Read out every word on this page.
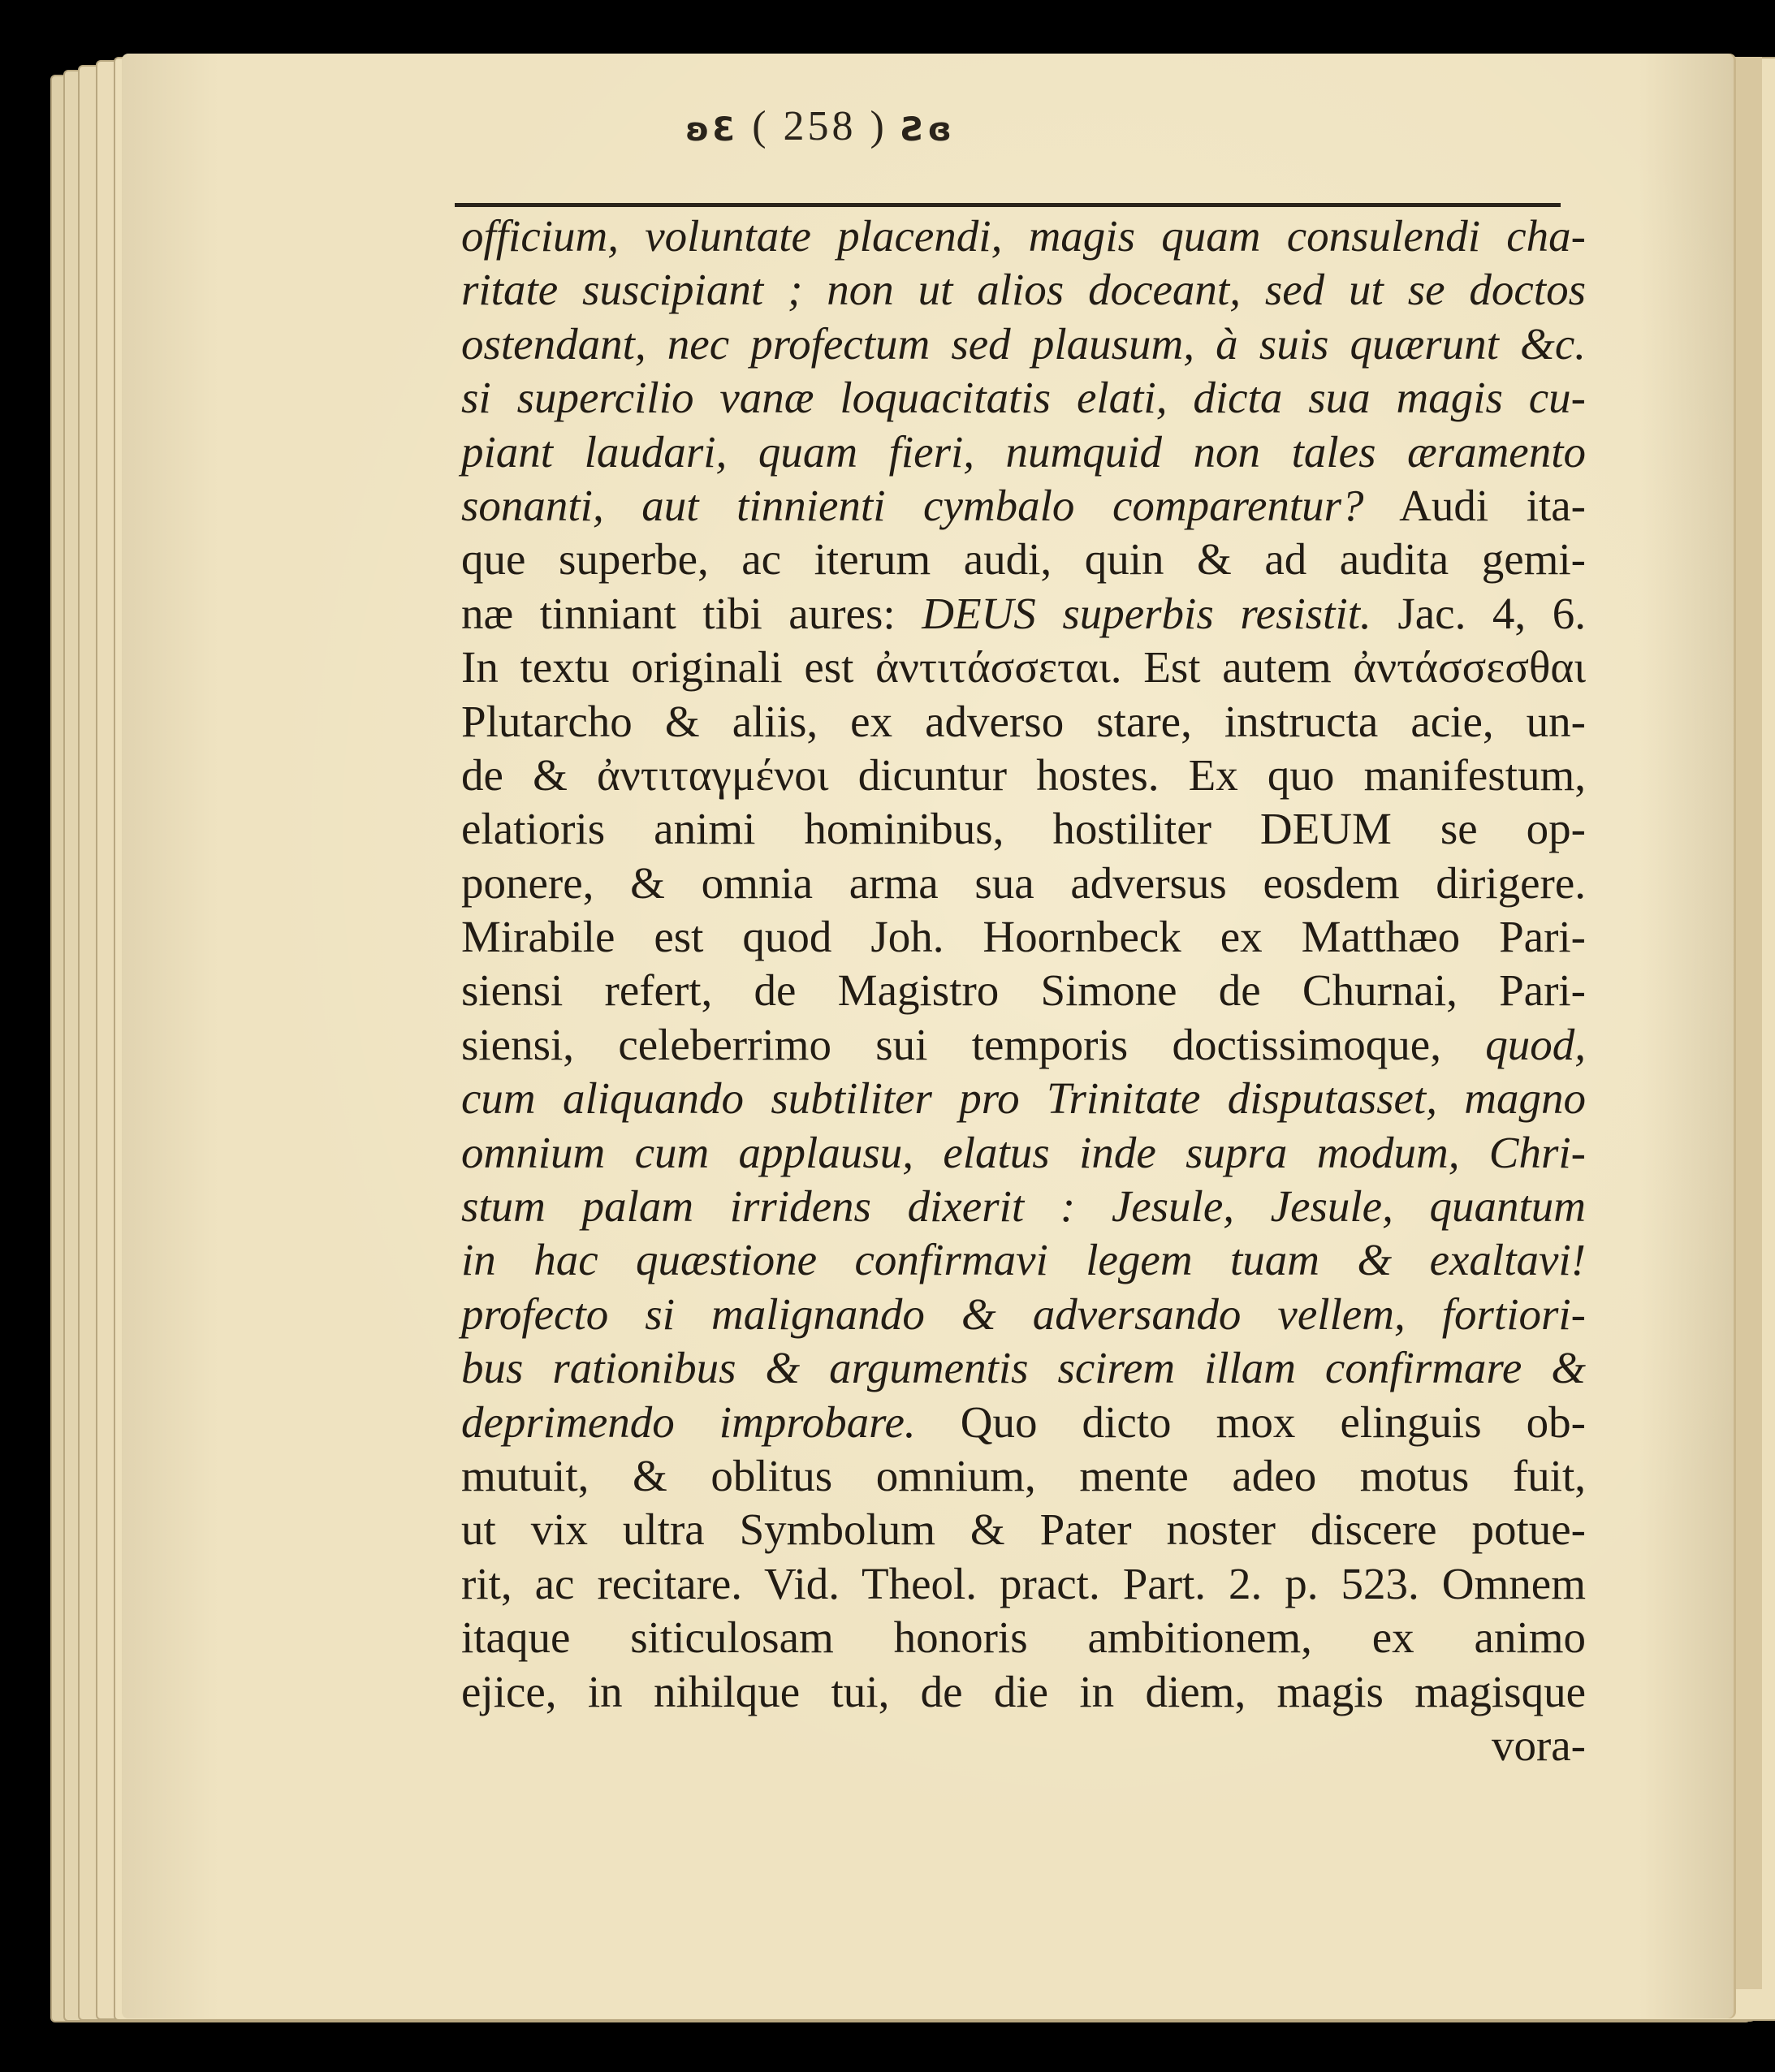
ʚƐ ( 258 ) Ƨɞ
officium, voluntate placendi, magis quam consulendi cha-
ritate suscipiant ; non ut alios doceant, sed ut se doctos
ostendant, nec profectum sed plausum, à suis quærunt &c.
si supercilio vanæ loquacitatis elati, dicta sua magis cu-
piant laudari, quam fieri, numquid non tales æramento
sonanti, aut tinnienti cymbalo comparentur? Audi ita-
que superbe, ac iterum audi, quin & ad audita gemi-
næ tinniant tibi aures: DEUS superbis resistit. Jac. 4, 6.
In textu originali est ἀντιτάσσεται. Est autem ἀντάσσεσθαι
Plutarcho & aliis, ex adverso stare, instructa acie, un-
de & ἀντιταγμένοι dicuntur hostes. Ex quo manifestum,
elatioris animi hominibus, hostiliter DEUM se op-
ponere, & omnia arma sua adversus eosdem dirigere.
Mirabile est quod Joh. Hoornbeck ex Matthæo Pari-
siensi refert, de Magistro Simone de Churnai, Pari-
siensi, celeberrimo sui temporis doctissimoque, quod,
cum aliquando subtiliter pro Trinitate disputasset, magno
omnium cum applausu, elatus inde supra modum, Chri-
stum palam irridens dixerit : Jesule, Jesule, quantum
in hac quæstione confirmavi legem tuam & exaltavi!
profecto si malignando & adversando vellem, fortiori-
bus rationibus & argumentis scirem illam confirmare &
deprimendo improbare. Quo dicto mox elinguis ob-
mutuit, & oblitus omnium, mente adeo motus fuit,
ut vix ultra Symbolum & Pater noster discere potue-
rit, ac recitare. Vid. Theol. pract. Part. 2. p. 523. Omnem
itaque siticulosam honoris ambitionem, ex animo
ejice, in nihilque tui, de die in diem, magis magisque
vora-
